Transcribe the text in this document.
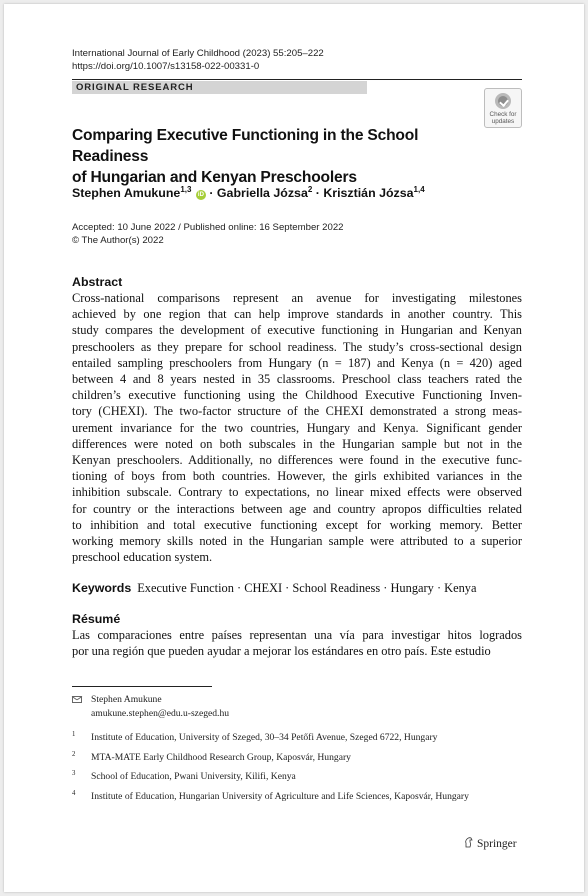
International Journal of Early Childhood (2023) 55:205–222
https://doi.org/10.1007/s13158-022-00331-0
ORIGINAL RESEARCH
Check for
updates
Comparing Executive Functioning in the School Readiness
of Hungarian and Kenyan Preschoolers
Stephen Amukune$^{1,3}$ iD · Gabriella Józsa$^2$ · Krisztián Józsa$^{1,4}$
Accepted: 10 June 2022 / Published online: 16 September 2022
© The Author(s) 2022
Abstract
Cross-national comparisons represent an avenue for investigating milestones
achieved by one region that can help improve standards in another country. This
study compares the development of executive functioning in Hungarian and Kenyan
preschoolers as they prepare for school readiness. The study’s cross-sectional design
entailed sampling preschoolers from Hungary (n = 187) and Kenya (n = 420) aged
between 4 and 8 years nested in 35 classrooms. Preschool class teachers rated the
children’s executive functioning using the Childhood Executive Functioning Inven-
tory (CHEXI). The two-factor structure of the CHEXI demonstrated a strong meas-
urement invariance for the two countries, Hungary and Kenya. Significant gender
differences were noted on both subscales in the Hungarian sample but not in the
Kenyan preschoolers. Additionally, no differences were found in the executive func-
tioning of boys from both countries. However, the girls exhibited variances in the
inhibition subscale. Contrary to expectations, no linear mixed effects were observed
for country or the interactions between age and country apropos difficulties related
to inhibition and total executive functioning except for working memory. Better
working memory skills noted in the Hungarian sample were attributed to a superior
preschool education system.
Keywords Executive Function · CHEXI · School Readiness · Hungary · Kenya
Résumé
Las comparaciones entre países representan una vía para investigar hitos logrados
por una región que pueden ayudar a mejorar los estándares en otro país. Este estudio
Stephen Amukune
amukune.stephen@edu.u-szeged.hu
1 Institute of Education, University of Szeged, 30–34 Petőfi Avenue, Szeged 6722, Hungary
2 MTA-MATE Early Childhood Research Group, Kaposvár, Hungary
3 School of Education, Pwani University, Kilifi, Kenya
4 Institute of Education, Hungarian University of Agriculture and Life Sciences, Kaposvár, Hungary
Springer
